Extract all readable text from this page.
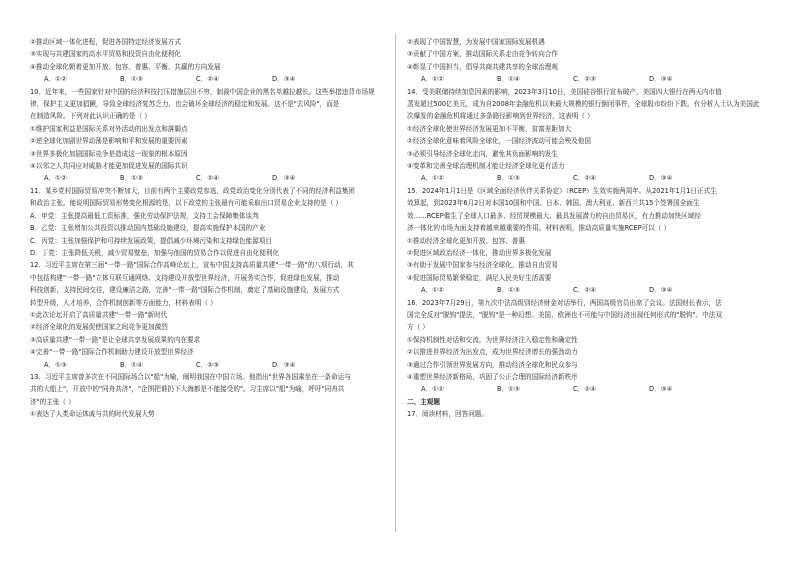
②推动区域一体化进程，促进各国特定经济发展方式
③实现与共建国家的高水平贸易和投资自由化便利化
④推动全球化朝着更加开放、包容、普惠、平衡、共赢的方向发展
A．①②	B．①③	C．②④	D．③④
10．近年来，一些国家针对中国的经济科技打压措施层出不穷，制裁中国企业的黑名单越拉越长。这些举措违背市场规
律，保护主义更加猖獗，导致全球经济复苏乏力，也会破坏全球经济的稳定和发展。这不是"去风险"，而是
在制造风险。下列对此认识正确的是（ ）
①维护国家利益是国际关系对外活动的出发点和落脚点
②逆全球化加剧世界动荡是影响和平和发展的重要因素
③世界多极化加剧国际竞争是造成这一现象的根本原因
④以邻之人共同应对威胁才能更加促进发展的国际共识
A．①②	B．①③	C．②④	D．③④
11．某乡党村国际贸易冲突不断加大，目前有两个主要政党参选，政党政治变化分别代表了不同的经济利益集团
和政治主张。能说明国际贸易形势变化根源的是，以下政党的主张最有可能采取出口贸易企业支持的是（ ）
A．甲党：主张提高最低工资标准，强化劳动保护法规，支持工会保障集体谈判
B．乙党：主张增加公共投资以推动国内基础设施建设，提高实施保护本国的产业
C．丙党：主张加强保护和可持续发展政策，提倡减少环境污染和支持绿色能源项目
D．丁党：主张降低关税，减少贸易壁垒，加强与他国的贸易合作以促进自由化便利化
12．习近平主席在第三届"一带一路"国际合作高峰论坛上，宣布中国支持高质量共建"一带一路"的八项行动，其
中包括构建"一带一路"立体互联互通网络、支持建设开放型世界经济，开展务实合作，促进绿色发展，推动
科技创新，支持民间交往，建设廉洁之路，完善"一带一路"国际合作机制，奠定了基础设施建设，发展方式
转型升级，人才培养，合作机制创新等方面能力，材料表明（ ）
①此次论坛开启了高质量共建"一带一路"新时代
②经济全球化的发展促使国家之间竞争更加激烈
③高质量共建"一带一路"是让全球共享发展成果的内在要求
④完善"一带一路"国际合作机制助力建设开放型世界经济
A．①③	B．①④	C．②③	D．③④
13．习近平主席曾多次在不同国际场合以"船"为喻，阐明我国在中国立场。他指出"世界各国乘坐在一条命运与
共的大船上"，开放中的"同舟共济"，"企图把谁扔下大海都是不能接受的"。习主席以"船"为喻，呼吁"同舟共
济"的主张（ ）
①表达了人类命运体戚与共的时代发展大势
②表现了中国智慧，为发展中国家国际发展机遇
③贡献了中国方案，推动国际关系走由竞争转向合作
④彰显了中国担当，倡导共商共建共享的全球治理观
A．①②	B．①④	C．②③	D．③④
14．受美联储持续加息因素的影响，2023年3月10日，美国硅谷银行宣布破产，美国四大银行在两天内市值
蒸发超过500亿美元，成为自2008年金融危机以来最大规模的银行倒闭事件，全球股市纷纷下跌。有分析人士认为美国此
次爆发的金融危机将通过多条路径影响到世界经济，这表明（ ）
①经济全球化使世界经济发展更加不平衡，贫富差距加大
②经济全球化意味着风险全球化，一国经济波动可能会殃及他国
③必须引导经济全球化走向，避免其负面影响的发生
④变革和完善全球治理机制才能让经济全球化更有活力
A．①②	B．①③	C．②④	D．③④
15．2024年1月1日是《区域全面经济伙伴关系协定》（RCEP）生效实施两周年。从2021年1月1日正式生
效算起，到2023年6月2日对本国10国和中国、日本、韩国、澳大利亚、新西兰共15个签署国全面生
效……RCEP催生了全球人口最多、经贸规模最大、最具发展潜力的自由贸易区，有力推动加快区域经
济一体化的市场为面支持着越来越重要的作用。材料表明，推动高质量实施RCEP可以（ ）
①推动经济全球化更加开放、包容、普惠
②促进区域政治经济一体化，推动世界多极化发展
③有助于发展中国家参与经济全球化，推动自由贸易
④促进国际贸易繁荣稳定，满足人民美好生活需要
A．①②	B．①③	C．②④	D．③④
16．2023年7月29日，第九次中法高级别经济财金对话举行，两国高级官员出席了会议。法国财长表示，法
国完全反对"脱钩"提法，"脱钩"是一种幻想。美国、欧洲也不可能与中国经济出现任何形式的"脱钩"。中法双
方（ ）
①保持机制性对话和交流，为世界经济注入稳定性和确定性
②以推进世界经济为出发点，成为世界经济增长的强劲动力
③通过合作引领世界发展方向，推动经济全球化和民众参与
④重塑世界经济新格局，巩固了公正合理的国际经济新秩序
A．①②	B．①③	C．②④	D．③④
二、主观题
17．阅读材料，回答问题。
